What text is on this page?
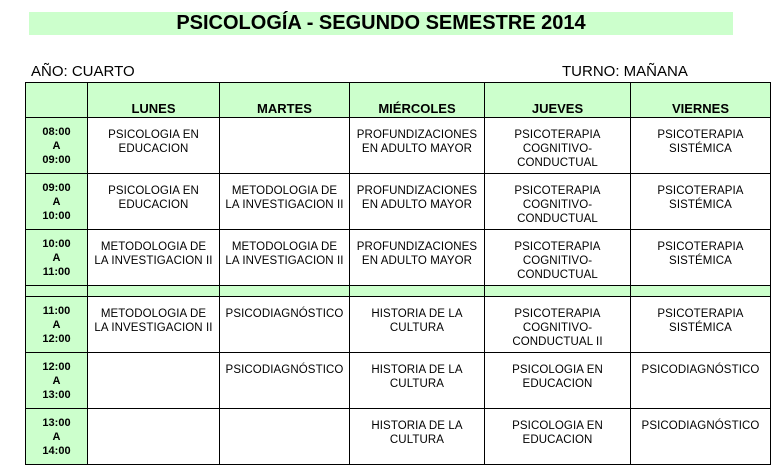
PSICOLOGÍA - SEGUNDO SEMESTRE 2014
AÑO: CUARTO	TURNO: MAÑANA
	LUNES	MARTES	MIÉRCOLES	JUEVES	VIERNES

08:00
A
09:00	PSICOLOGIA EN
EDUCACION		PROFUNDIZACIONES
EN ADULTO MAYOR	PSICOTERAPIA
COGNITIVO-
CONDUCTUAL	PSICOTERAPIA
SISTÉMICA

09:00
A
10:00	PSICOLOGIA EN
EDUCACION	METODOLOGIA DE
LA INVESTIGACION II	PROFUNDIZACIONES
EN ADULTO MAYOR	PSICOTERAPIA
COGNITIVO-
CONDUCTUAL	PSICOTERAPIA
SISTÉMICA

10:00
A
11:00	METODOLOGIA DE
LA INVESTIGACION II	METODOLOGIA DE
LA INVESTIGACION II	PROFUNDIZACIONES
EN ADULTO MAYOR	PSICOTERAPIA
COGNITIVO-
CONDUCTUAL	PSICOTERAPIA
SISTÉMICA

11:00
A
12:00	METODOLOGIA DE
LA INVESTIGACION II	PSICODIAGNÓSTICO	HISTORIA DE LA
CULTURA	PSICOTERAPIA
COGNITIVO-
CONDUCTUAL II	PSICOTERAPIA
SISTÉMICA

12:00
A
13:00		PSICODIAGNÓSTICO	HISTORIA DE LA
CULTURA	PSICOLOGIA EN
EDUCACION	PSICODIAGNÓSTICO

13:00
A
14:00			HISTORIA DE LA
CULTURA	PSICOLOGIA EN
EDUCACION	PSICODIAGNÓSTICO
